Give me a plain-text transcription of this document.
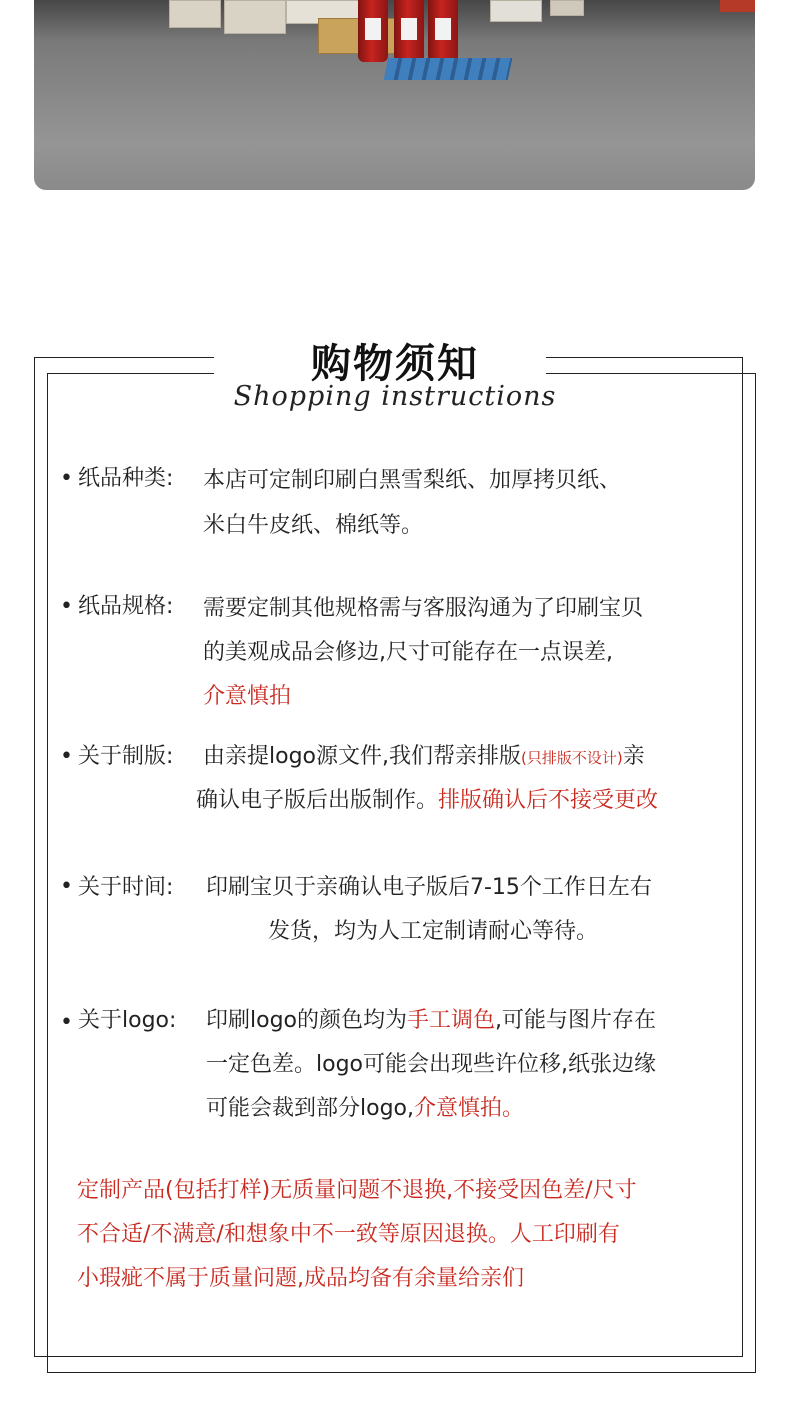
购物须知
Shopping instructions
• 纸品种类: 本店可定制印刷白黑雪梨纸、加厚拷贝纸、
米白牛皮纸、棉纸等。
• 纸品规格: 需要定制其他规格需与客服沟通为了印刷宝贝
的美观成品会修边,尺寸可能存在一点误差,
介意慎拍
• 关于制版: 由亲提logo源文件,我们帮亲排版(只排版不设计)亲
确认电子版后出版制作。排版确认后不接受更改
• 关于时间: 印刷宝贝于亲确认电子版后7-15个工作日左右
发货，均为人工定制请耐心等待。
• 关于logo: 印刷logo的颜色均为手工调色,可能与图片存在
一定色差。logo可能会出现些许位移,纸张边缘
可能会裁到部分logo,介意慎拍。
定制产品(包括打样)无质量问题不退换,不接受因色差/尺寸
不合适/不满意/和想象中不一致等原因退换。人工印刷有
小瑕疵不属于质量问题,成品均备有余量给亲们
